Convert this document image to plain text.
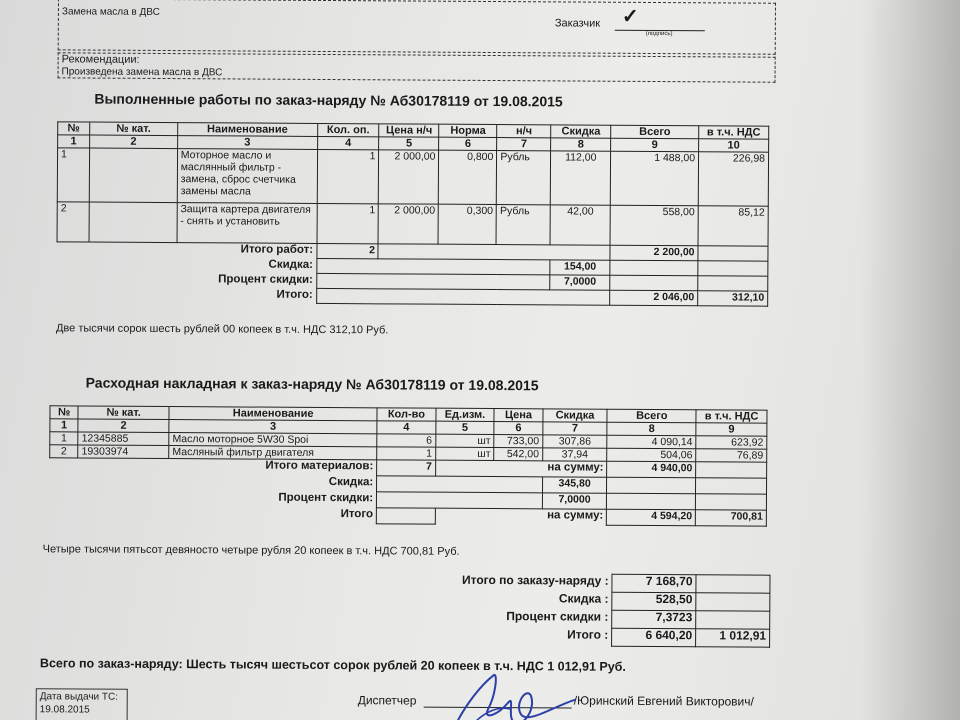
Замена масла в ДВС
Заказчик ✓
(подпись)
Рекомендации:
Произведена замена масла в ДВС
Выполненные работы по заказ-наряду № Аб30178119 от 19.08.2015
№	№ кат.	Наименование	Кол. оп.	Цена н/ч	Норма	н/ч	Скидка	Всего	в т.ч. НДС
1	2	3	4	5	6	7	8	9	10
1		Моторное масло и маслянный фильтр - замена, сброс счетчика замены масла	1	2 000,00	0,800	Рубль	112,00	1 488,00	226,98
2		Защита картера двигателя - снять и установить	1	2 000,00	0,300	Рубль	42,00	558,00	85,12
Итого работ:			2					2 200,00	
Скидка:							154,00		
Процент скидки:							7,0000		
Итого:								2 046,00	312,10
Две тысячи сорок шесть рублей 00 копеек в т.ч. НДС 312,10 Руб.
Расходная накладная к заказ-наряду № Аб30178119 от 19.08.2015
№	№ кат.	Наименование	Кол-во	Ед.изм.	Цена	Скидка	Всего	в т.ч. НДС
1	2	3	4	5	6	7	8	9
1	12345885	Масло моторное 5W30 Spoi	6	шт	733,00	307,86	4 090,14	623,92
2	19303974	Масляный фильтр двигателя	1	шт	542,00	37,94	504,06	76,89
Итого материалов:			7	на сумму:			4 940,00	
Скидка:						345,80		
Процент скидки:						7,0000		
Итого				на сумму:			4 594,20	700,81
Четыре тысячи пятьсот девяносто четыре рубля 20 копеек в т.ч. НДС 700,81 Руб.
Итого по заказу-наряду :	7 168,70	
Скидка :	528,50	
Процент скидки :	7,3723	
Итого :	6 640,20	1 012,91
Всего по заказ-наряду: Шесть тысяч шестьсот сорок рублей 20 копеек в т.ч. НДС 1 012,91 Руб.
Дата выдачи ТС:
19.08.2015
Диспетчер	/Юринский Евгений Викторович/
